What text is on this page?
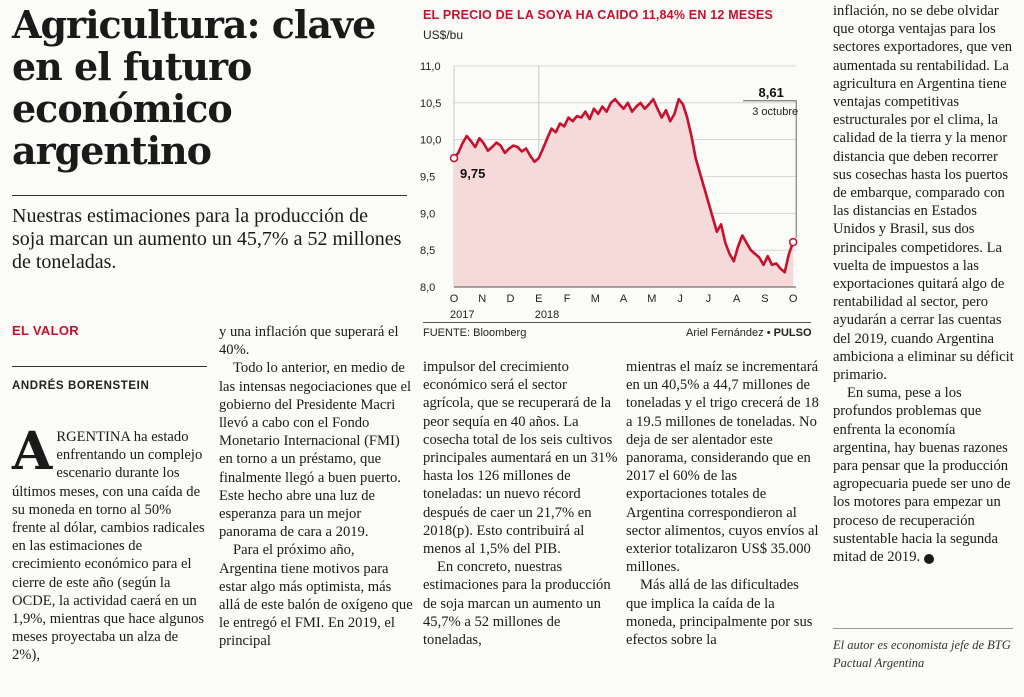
Agricultura: clave en el futuro económico argentino
Nuestras estimaciones para la producción de soja marcan un aumento un 45,7% a 52 millones de toneladas.
EL VALOR
ANDRÉS BORENSTEIN

ARGENTINA ha estado enfrentando un complejo escenario durante los últimos meses, con una caída de su moneda en torno al 50% frente al dólar, cambios radicales en las estimaciones de crecimiento económico para el cierre de este año (según la OCDE, la actividad caerá en un 1,9%, mientras que hace algunos meses proyectaba un alza de 2%),

y una inflación que superará el 40%.

Todo lo anterior, en medio de las intensas negociaciones que el gobierno del Presidente Macri llevó a cabo con el Fondo Monetario Internacional (FMI) en torno a un préstamo, que finalmente llegó a buen puerto. Este hecho abre una luz de esperanza para un mejor panorama de cara a 2019.

Para el próximo año, Argentina tiene motivos para estar algo más optimista, más allá de este balón de oxígeno que le entregó el FMI. En 2019, el principal

impulsor del crecimiento económico será el sector agrícola, que se recuperará de la peor sequía en 40 años. La cosecha total de los seis cultivos principales aumentará en un 31% hasta los 126 millones de toneladas: un nuevo récord después de caer un 21,7% en 2018(p). Esto contribuirá al menos al 1,5% del PIB.

En concreto, nuestras estimaciones para la producción de soja marcan un aumento un 45,7% a 52 millones de toneladas,

mientras el maíz se incrementará en un 40,5% a 44,7 millones de toneladas y el trigo crecerá de 18 a 19.5 millones de toneladas. No deja de ser alentador este panorama, considerando que en 2017 el 60% de las exportaciones totales de Argentina correspondieron al sector alimentos, cuyos envíos al exterior totalizaron US$ 35.000 millones.

Más allá de las dificultades que implica la caída de la moneda, principalmente por sus efectos sobre la

inflación, no se debe olvidar que otorga ventajas para los sectores exportadores, que ven aumentada su rentabilidad. La agricultura en Argentina tiene ventajas competitivas estructurales por el clima, la calidad de la tierra y la menor distancia que deben recorrer sus cosechas hasta los puertos de embarque, comparado con las distancias en Estados Unidos y Brasil, sus dos principales competidores. La vuelta de impuestos a las exportaciones quitará algo de rentabilidad al sector, pero ayudarán a cerrar las cuentas del 2019, cuando Argentina ambiciona a eliminar su déficit primario.

En suma, pese a los profundos problemas que enfrenta la economía argentina, hay buenas razones para pensar que la producción agropecuaria puede ser uno de los motores para empezar un proceso de recuperación sustentable hacia la segunda mitad de 2019.	P

El autor es economista jefe de BTG Pactual Argentina
EL PRECIO DE LA SOYA HA CAIDO 11,84% EN 12 MESES
US$/bu
11,0
10,5
10,0
9,5
9,0
8,5
8,0
O N D E F M A M J J A S O
2017	2018
9,75
8,61
3 octubre
FUENTE: Bloomberg	Ariel Fernández • PULSO
